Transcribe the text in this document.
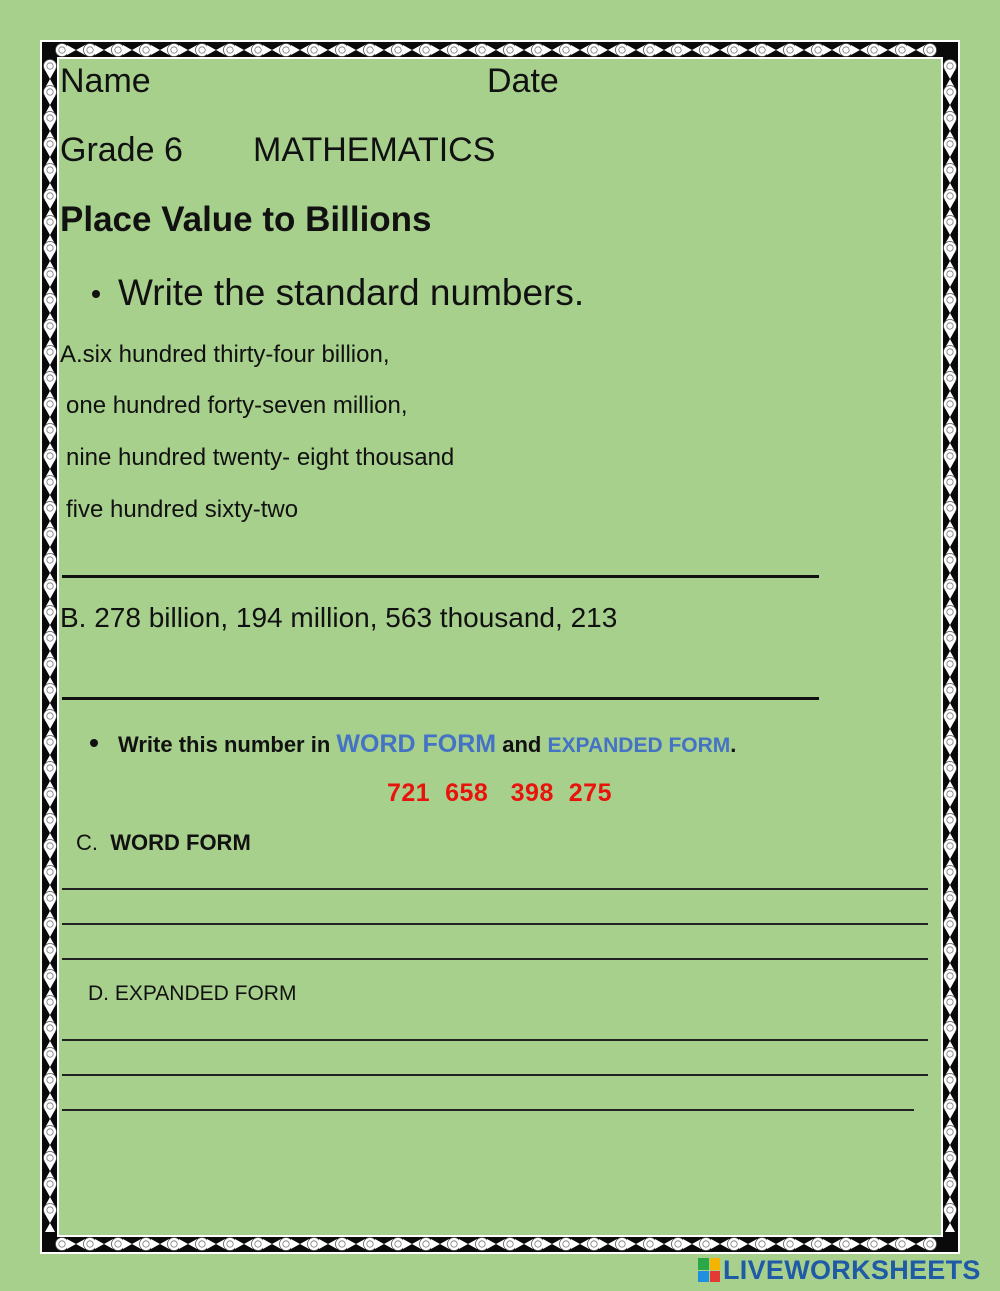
Name	Date

Grade 6 MATHEMATICS

Place Value to Billions

Write the standard numbers.

A.six hundred thirty-four billion,

one hundred forty-seven million,

nine hundred twenty- eight thousand

five hundred sixty-two

B. 278 billion, 194 million, 563 thousand, 213

Write this number in WORD FORM and EXPANDED FORM.

721  658   398  275

C. WORD FORM

D. EXPANDED FORM

LIVEWORKSHEETS
